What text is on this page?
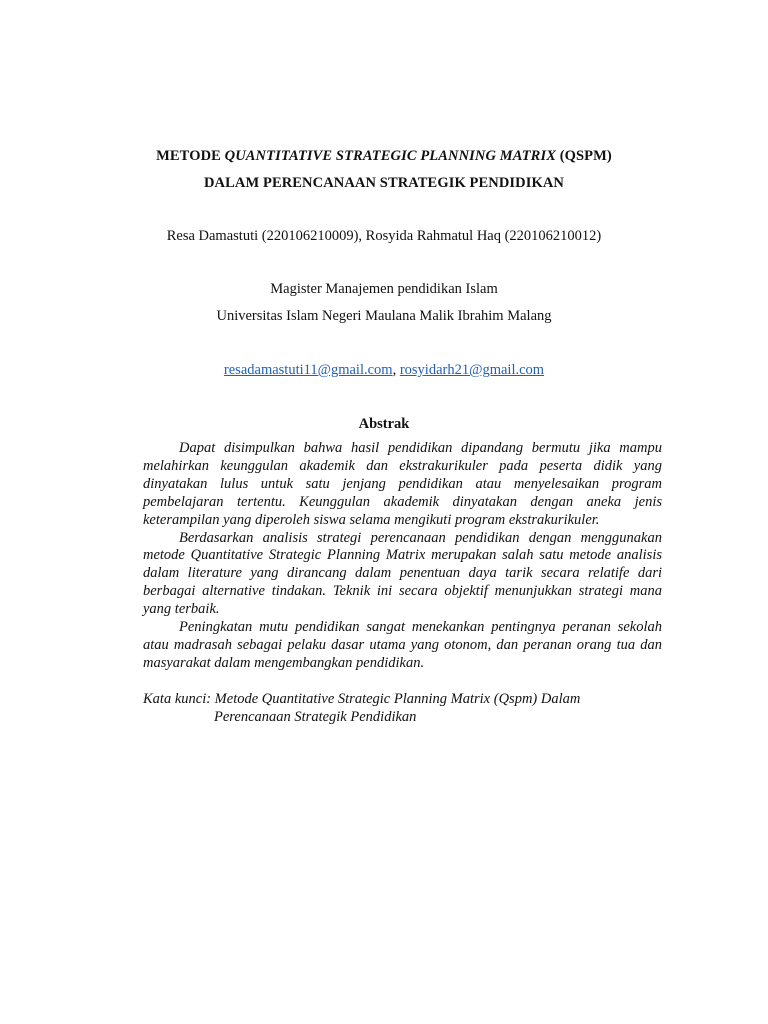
METODE QUANTITATIVE STRATEGIC PLANNING MATRIX (QSPM)
DALAM PERENCANAAN STRATEGIK PENDIDIKAN
Resa Damastuti (220106210009), Rosyida Rahmatul Haq (220106210012)
Magister Manajemen pendidikan Islam
Universitas Islam Negeri Maulana Malik Ibrahim Malang
resadamastuti11@gmail.com, rosyidarh21@gmail.com
Abstrak

Dapat disimpulkan bahwa hasil pendidikan dipandang bermutu jika mampu melahirkan keunggulan akademik dan ekstrakurikuler pada peserta didik yang dinyatakan lulus untuk satu jenjang pendidikan atau menyelesaikan program pembelajaran tertentu. Keunggulan akademik dinyatakan dengan aneka jenis keterampilan yang diperoleh siswa selama mengikuti program ekstrakurikuler.

Berdasarkan analisis strategi perencanaan pendidikan dengan menggunakan metode Quantitative Strategic Planning Matrix merupakan salah satu metode analisis dalam literature yang dirancang dalam penentuan daya tarik secara relatife dari berbagai alternative tindakan. Teknik ini secara objektif menunjukkan strategi mana yang terbaik.

Peningkatan mutu pendidikan sangat menekankan pentingnya peranan sekolah atau madrasah sebagai pelaku dasar utama yang otonom, dan peranan orang tua dan masyarakat dalam mengembangkan pendidikan.

Kata kunci: Metode Quantitative Strategic Planning Matrix (Qspm) Dalam
Perencanaan Strategik Pendidikan
